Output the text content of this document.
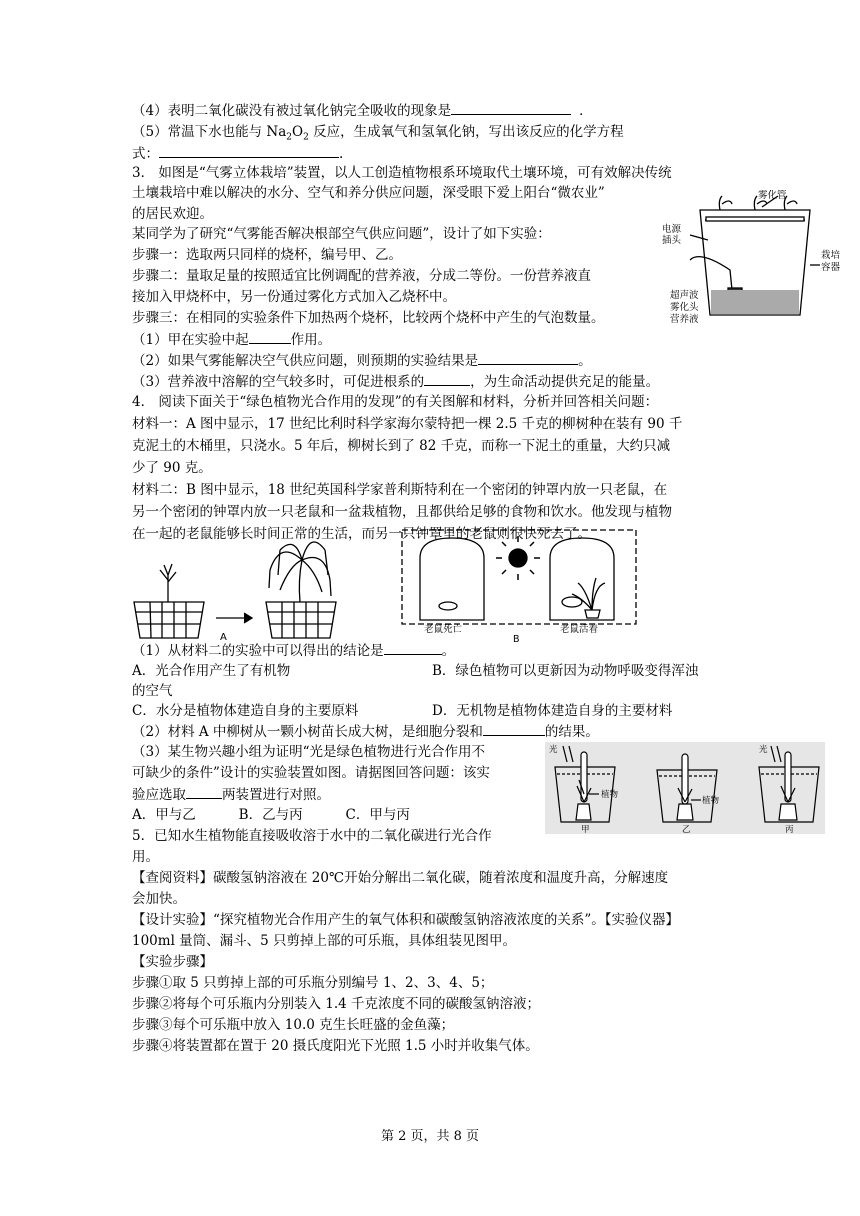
（4）表明二氧化碳没有被过氧化钠完全吸收的现象是	．
（5）常温下水也能与 $Na_2O_2$ 反应，生成氧气和氢氧化钠，写出该反应的化学方程
式：	.
3． 如图是“气雾立体栽培”装置，以人工创造植物根系环境取代土壤环境，可有效解决传统
土壤栽培中难以解决的水分、空气和养分供应问题，深受眼下爱上阳台“微农业”
的居民欢迎。
某同学为了研究“气雾能否解决根部空气供应问题”，设计了如下实验：
步骤一：选取两只同样的烧杯，编号甲、乙。
步骤二：量取足量的按照适宜比例调配的营养液，分成二等份。一份营养液直
接加入甲烧杯中，另一份通过雾化方式加入乙烧杯中。
步骤三：在相同的实验条件下加热两个烧杯，比较两个烧杯中产生的气泡数量。
（1）甲在实验中起	作用。
（2）如果气雾能解决空气供应问题，则预期的实验结果是	。
（3）营养液中溶解的空气较多时，可促进根系的	，为生命活动提供充足的能量。
雾化管
电源
插头
栽培
容器
超声波
雾化头
营养液
4． 阅读下面关于“绿色植物光合作用的发现”的有关图解和材料，分析并回答相关问题：
材料一：A 图中显示，17 世纪比利时科学家海尔蒙特把一棵 2.5 千克的柳树种在装有 90 千
克泥土的木桶里，只浇水。5 年后，柳树长到了 82 千克，而称一下泥土的重量，大约只减
少了 90 克。
材料二：B 图中显示，18 世纪英国科学家普利斯特利在一个密闭的钟罩内放一只老鼠，在
另一个密闭的钟罩内放一只老鼠和一盆栽植物，且都供给足够的食物和饮水。他发现与植物
在一起的老鼠能够长时间正常的生活，而另一只钟罩里的老鼠则很快死去了。
A
老鼠死亡	老鼠活着
B
（1）从材料二的实验中可以得出的结论是	。
A．光合作用产生了有机物	B．绿色植物可以更新因为动物呼吸变得浑浊
的空气
C．水分是植物体建造自身的主要原料	D．无机物是植物体建造自身的主要材料
（2）材料 A 中柳树从一颗小树苗长成大树，是细胞分裂和	的结果。
（3）某生物兴趣小组为证明“光是绿色植物进行光合作用不
可缺少的条件”设计的实验装置如图。请据图回答问题：该实
验应选取	两装置进行对照。
A．甲与乙          B．乙与丙          C．甲与丙
光	光
植物
植物
甲	乙	丙
5．已知水生植物能直接吸收溶于水中的二氧化碳进行光合作
用。
【查阅资料】碳酸氢钠溶液在 20℃开始分解出二氧化碳，随着浓度和温度升高，分解速度
会加快。
【设计实验】“探究植物光合作用产生的氧气体积和碳酸氢钠溶液浓度的关系”。【实验仪器】
100ml 量筒、漏斗、5 只剪掉上部的可乐瓶，具体组装见图甲。
【实验步骤】
步骤①取 5 只剪掉上部的可乐瓶分别编号 1、2、3、4、5；
步骤②将每个可乐瓶内分别装入 1.4 千克浓度不同的碳酸氢钠溶液；
步骤③每个可乐瓶中放入 10.0 克生长旺盛的金鱼藻；
步骤④将装置都在置于 20 摄氏度阳光下光照 1.5 小时并收集气体。
第 2 页，共 8 页
